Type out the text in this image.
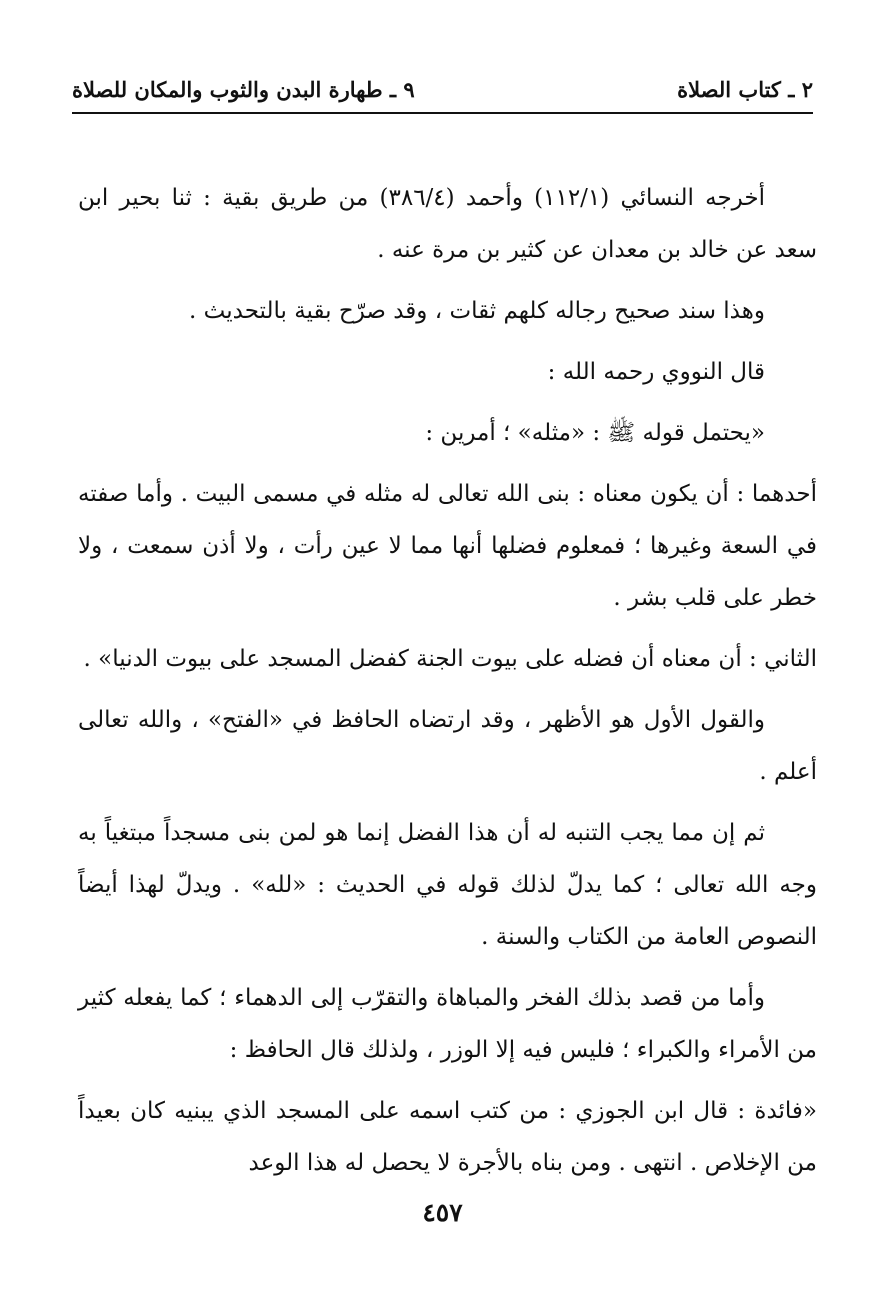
٢ ـ كتاب الصلاة
٩ ـ طهارة البدن والثوب والمكان للصلاة

أخرجه النسائي (١١٢/١) وأحمد (٣٨٦/٤) من طريق بقية : ثنا بحير ابن سعد عن خالد بن معدان عن كثير بن مرة عنه .

وهذا سند صحيح رجاله كلهم ثقات ، وقد صرّح بقية بالتحديث .

قال النووي رحمه الله :

«يحتمل قوله ﷺ : «مثله» ؛ أمرين :

أحدهما : أن يكون معناه : بنى الله تعالى له مثله في مسمى البيت . وأما صفته في السعة وغيرها ؛ فمعلوم فضلها أنها مما لا عين رأت ، ولا أذن سمعت ، ولا خطر على قلب بشر .

الثاني : أن معناه أن فضله على بيوت الجنة كفضل المسجد على بيوت الدنيا» .

والقول الأول هو الأظهر ، وقد ارتضاه الحافظ في «الفتح» ، والله تعالى أعلم .

ثم إن مما يجب التنبه له أن هذا الفضل إنما هو لمن بنى مسجداً مبتغياً به وجه الله تعالى ؛ كما يدلّ لذلك قوله في الحديث : «لله» . ويدلّ لهذا أيضاً النصوص العامة من الكتاب والسنة .

وأما من قصد بذلك الفخر والمباهاة والتقرّب إلى الدهماء ؛ كما يفعله كثير من الأمراء والكبراء ؛ فليس فيه إلا الوزر ، ولذلك قال الحافظ :

«فائدة : قال ابن الجوزي : من كتب اسمه على المسجد الذي يبنيه كان بعيداً من الإخلاص . انتهى . ومن بناه بالأجرة لا يحصل له هذا الوعد

٤٥٧
